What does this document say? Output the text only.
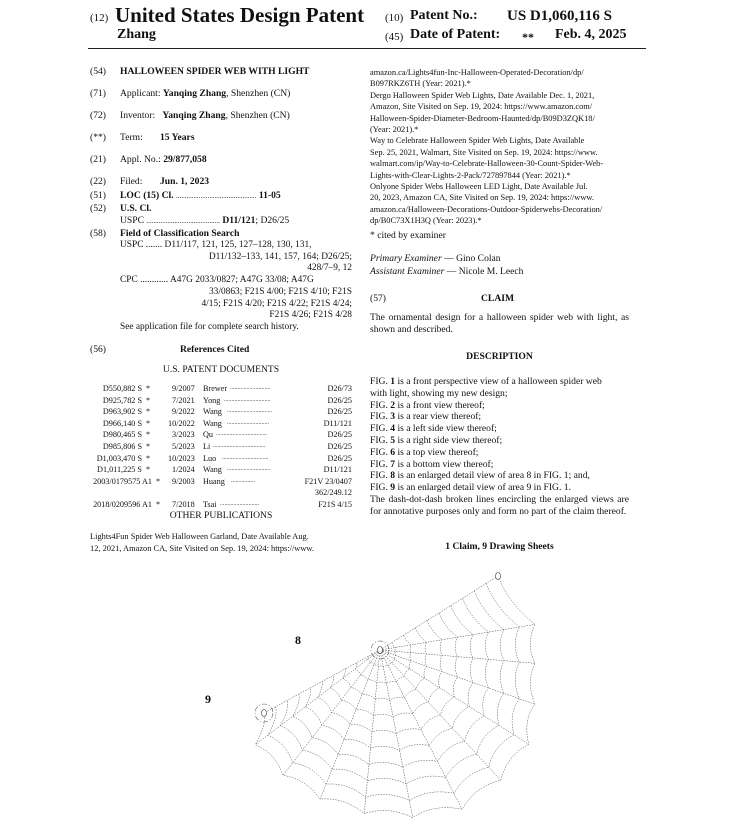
(12) United States Design Patent
Zhang
(10) Patent No.: US D1,060,116 S
(45) Date of Patent: ** Feb. 4, 2025
(54)	HALLOWEEN SPIDER WEB WITH LIGHT
(71)	Applicant: Yanqing Zhang, Shenzhen (CN)
(72)	Inventor: Yanqing Zhang, Shenzhen (CN)
(**)	Term: 15 Years
(21)	Appl. No.: 29/877,058
(22)	Filed: Jun. 1, 2023
(51)	LOC (15) Cl. .............................................. 11-05
(52)	U.S. Cl.
USPC .......................................... D11/121; D26/25
(58)	Field of Classification Search
USPC ....... D11/117, 121, 125, 127–128, 130, 131,
D11/132–133, 141, 157, 164; D26/25;
428/7–9, 12
CPC ............ A47G 2033/0827; A47G 33/08; A47G
33/0863; F21S 4/00; F21S 4/10; F21S
4/15; F21S 4/20; F21S 4/22; F21S 4/24;
F21S 4/26; F21S 4/28
See application file for complete search history.
(56)	References Cited
U.S. PATENT DOCUMENTS
D550,882 S *	9/2007 Brewer ...........................	D26/73
D925,782 S *	7/2021 Yong ...............................	D26/25
D963,902 S *	9/2022 Wang ..............................	D26/25
D966,140 S * 10/2022 Wang ............................	D11/121
D980,465 S *	3/2023 Qu ..................................	D26/25
D985,806 S *	5/2023 Li ...................................	D26/25
D1,003,470 S * 10/2023 Luo ...............................	D26/25
D1,011,225 S *	1/2024 Wang .............................	D11/121
2003/0179575 A1 * 9/2003 Huang ................	F21V 23/0407
362/249.12
2018/0209596 A1 * 7/2018 Tsai ..........................	F21S 4/15
OTHER PUBLICATIONS
Lights4Fun Spider Web Halloween Garland, Date Available Aug.
12, 2021, Amazon CA, Site Visited on Sep. 19, 2024: https://www.
amazon.ca/Lights4fun-Inc-Halloween-Operated-Decoration/dp/
B097RKZ6TH (Year: 2021).*
Dergo Halloween Spider Web Lights, Date Available Dec. 1, 2021,
Amazon, Site Visited on Sep. 19, 2024: https://www.amazon.com/
Halloween-Spider-Diameter-Bedroom-Haunted/dp/B09D3ZQK18/
(Year: 2021).*
Way to Celebrate Halloween Spider Web Lights, Date Available
Sep. 25, 2021, Walmart, Site Visited on Sep. 19, 2024: https://www.
walmart.com/ip/Way-to-Celebrate-Halloween-30-Count-Spider-Web-
Lights-with-Clear-Lights-2-Pack/727897844 (Year: 2021).*
Onlyone Spider Webs Halloween LED Light, Date Available Jul.
20, 2023, Amazon CA, Site Visited on Sep. 19, 2024: https://www.
amazon.ca/Halloween-Decorations-Outdoor-Spiderwebs-Decoration/
dp/B0C73X1H3Q (Year: 2023).*
* cited by examiner
Primary Examiner — Gino Colan
Assistant Examiner — Nicole M. Leech
(57)	CLAIM
The ornamental design for a halloween spider web with light, as shown and described.
DESCRIPTION
FIG. 1 is a front perspective view of a halloween spider web
with light, showing my new design;
FIG. 2 is a front view thereof;
FIG. 3 is a rear view thereof;
FIG. 4 is a left side view thereof;
FIG. 5 is a right side view thereof;
FIG. 6 is a top view thereof;
FIG. 7 is a bottom view thereof;
FIG. 8 is an enlarged detail view of area 8 in FIG. 1; and,
FIG. 9 is an enlarged detail view of area 9 in FIG. 1.
The dash-dot-dash broken lines encircling the enlarged views are for annotative purposes only and form no part of the claim thereof.
1 Claim, 9 Drawing Sheets
8
9
